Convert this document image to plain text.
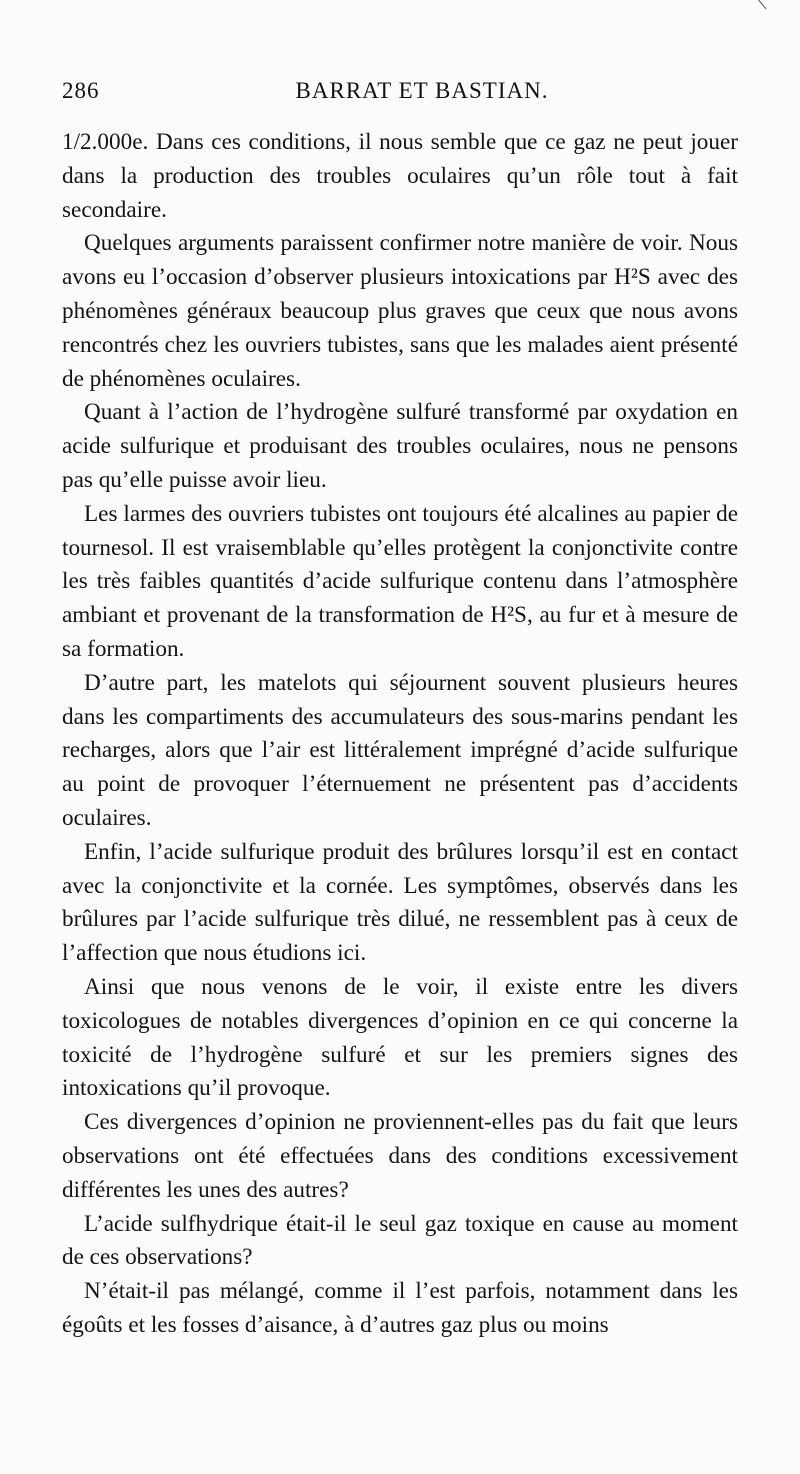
286	BARRAT ET BASTIAN.

1/2.000e. Dans ces conditions, il nous semble que ce gaz ne peut jouer dans la production des troubles oculaires qu’un rôle tout à fait secondaire.

Quelques arguments paraissent confirmer notre manière de voir. Nous avons eu l’occasion d’observer plusieurs intoxications par H²S avec des phénomènes généraux beaucoup plus graves que ceux que nous avons rencontrés chez les ouvriers tubistes, sans que les malades aient présenté de phénomènes oculaires.

Quant à l’action de l’hydrogène sulfuré transformé par oxydation en acide sulfurique et produisant des troubles oculaires, nous ne pensons pas qu’elle puisse avoir lieu.

Les larmes des ouvriers tubistes ont toujours été alcalines au papier de tournesol. Il est vraisemblable qu’elles protègent la conjonctivite contre les très faibles quantités d’acide sulfurique contenu dans l’atmosphère ambiant et provenant de la transformation de H²S, au fur et à mesure de sa formation.

D’autre part, les matelots qui séjournent souvent plusieurs heures dans les compartiments des accumulateurs des sous-marins pendant les recharges, alors que l’air est littéralement imprégné d’acide sulfurique au point de provoquer l’éternuement ne présentent pas d’accidents oculaires.

Enfin, l’acide sulfurique produit des brûlures lorsqu’il est en contact avec la conjonctivite et la cornée. Les symptômes, observés dans les brûlures par l’acide sulfurique très dilué, ne ressemblent pas à ceux de l’affection que nous étudions ici.

Ainsi que nous venons de le voir, il existe entre les divers toxicologues de notables divergences d’opinion en ce qui concerne la toxicité de l’hydrogène sulfuré et sur les premiers signes des intoxications qu’il provoque.

Ces divergences d’opinion ne proviennent-elles pas du fait que leurs observations ont été effectuées dans des conditions excessivement différentes les unes des autres?

L’acide sulfhydrique était-il le seul gaz toxique en cause au moment de ces observations?

N’était-il pas mélangé, comme il l’est parfois, notamment dans les égoûts et les fosses d’aisance, à d’autres gaz plus ou moins
